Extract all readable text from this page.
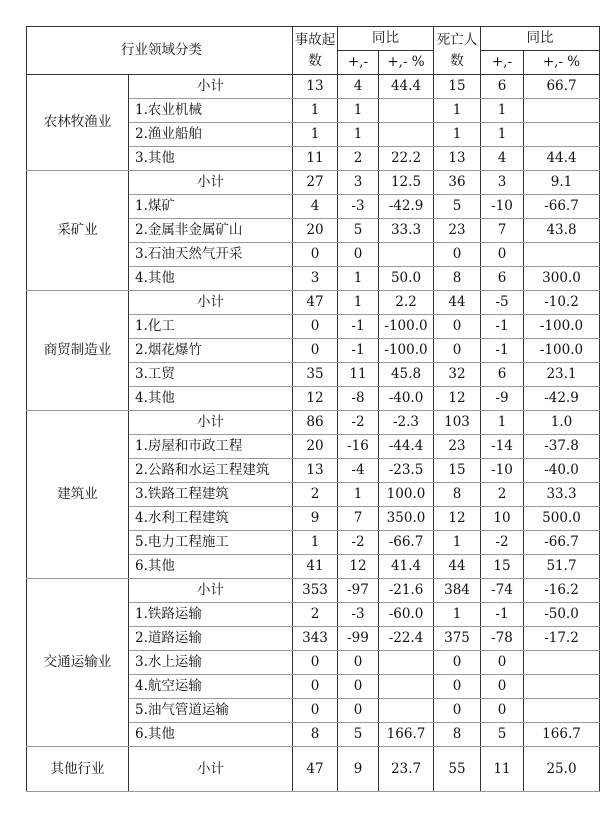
行业领域分类		事故起数	同比		死亡人数	同比	
			+,-	+,- %		+,-	+,- %
农林牧渔业	小计	13	4	44.4	15	6	66.7
	1.农业机械	1	1		1	1	
	2.渔业船舶	1	1		1	1	
	3.其他	11	2	22.2	13	4	44.4
采矿业	小计	27	3	12.5	36	3	9.1
	1.煤矿	4	-3	-42.9	5	-10	-66.7
	2.金属非金属矿山	20	5	33.3	23	7	43.8
	3.石油天然气开采	0	0		0	0	
	4.其他	3	1	50.0	8	6	300.0
商贸制造业	小计	47	1	2.2	44	-5	-10.2
	1.化工	0	-1	-100.0	0	-1	-100.0
	2.烟花爆竹	0	-1	-100.0	0	-1	-100.0
	3.工贸	35	11	45.8	32	6	23.1
	4.其他	12	-8	-40.0	12	-9	-42.9
建筑业	小计	86	-2	-2.3	103	1	1.0
	1.房屋和市政工程	20	-16	-44.4	23	-14	-37.8
	2.公路和水运工程建筑	13	-4	-23.5	15	-10	-40.0
	3.铁路工程建筑	2	1	100.0	8	2	33.3
	4.水利工程建筑	9	7	350.0	12	10	500.0
	5.电力工程施工	1	-2	-66.7	1	-2	-66.7
	6.其他	41	12	41.4	44	15	51.7
交通运输业	小计	353	-97	-21.6	384	-74	-16.2
	1.铁路运输	2	-3	-60.0	1	-1	-50.0
	2.道路运输	343	-99	-22.4	375	-78	-17.2
	3.水上运输	0	0		0	0	
	4.航空运输	0	0		0	0	
	5.油气管道运输	0	0		0	0	
	6.其他	8	5	166.7	8	5	166.7
其他行业	小计	47	9	23.7	55	11	25.0
